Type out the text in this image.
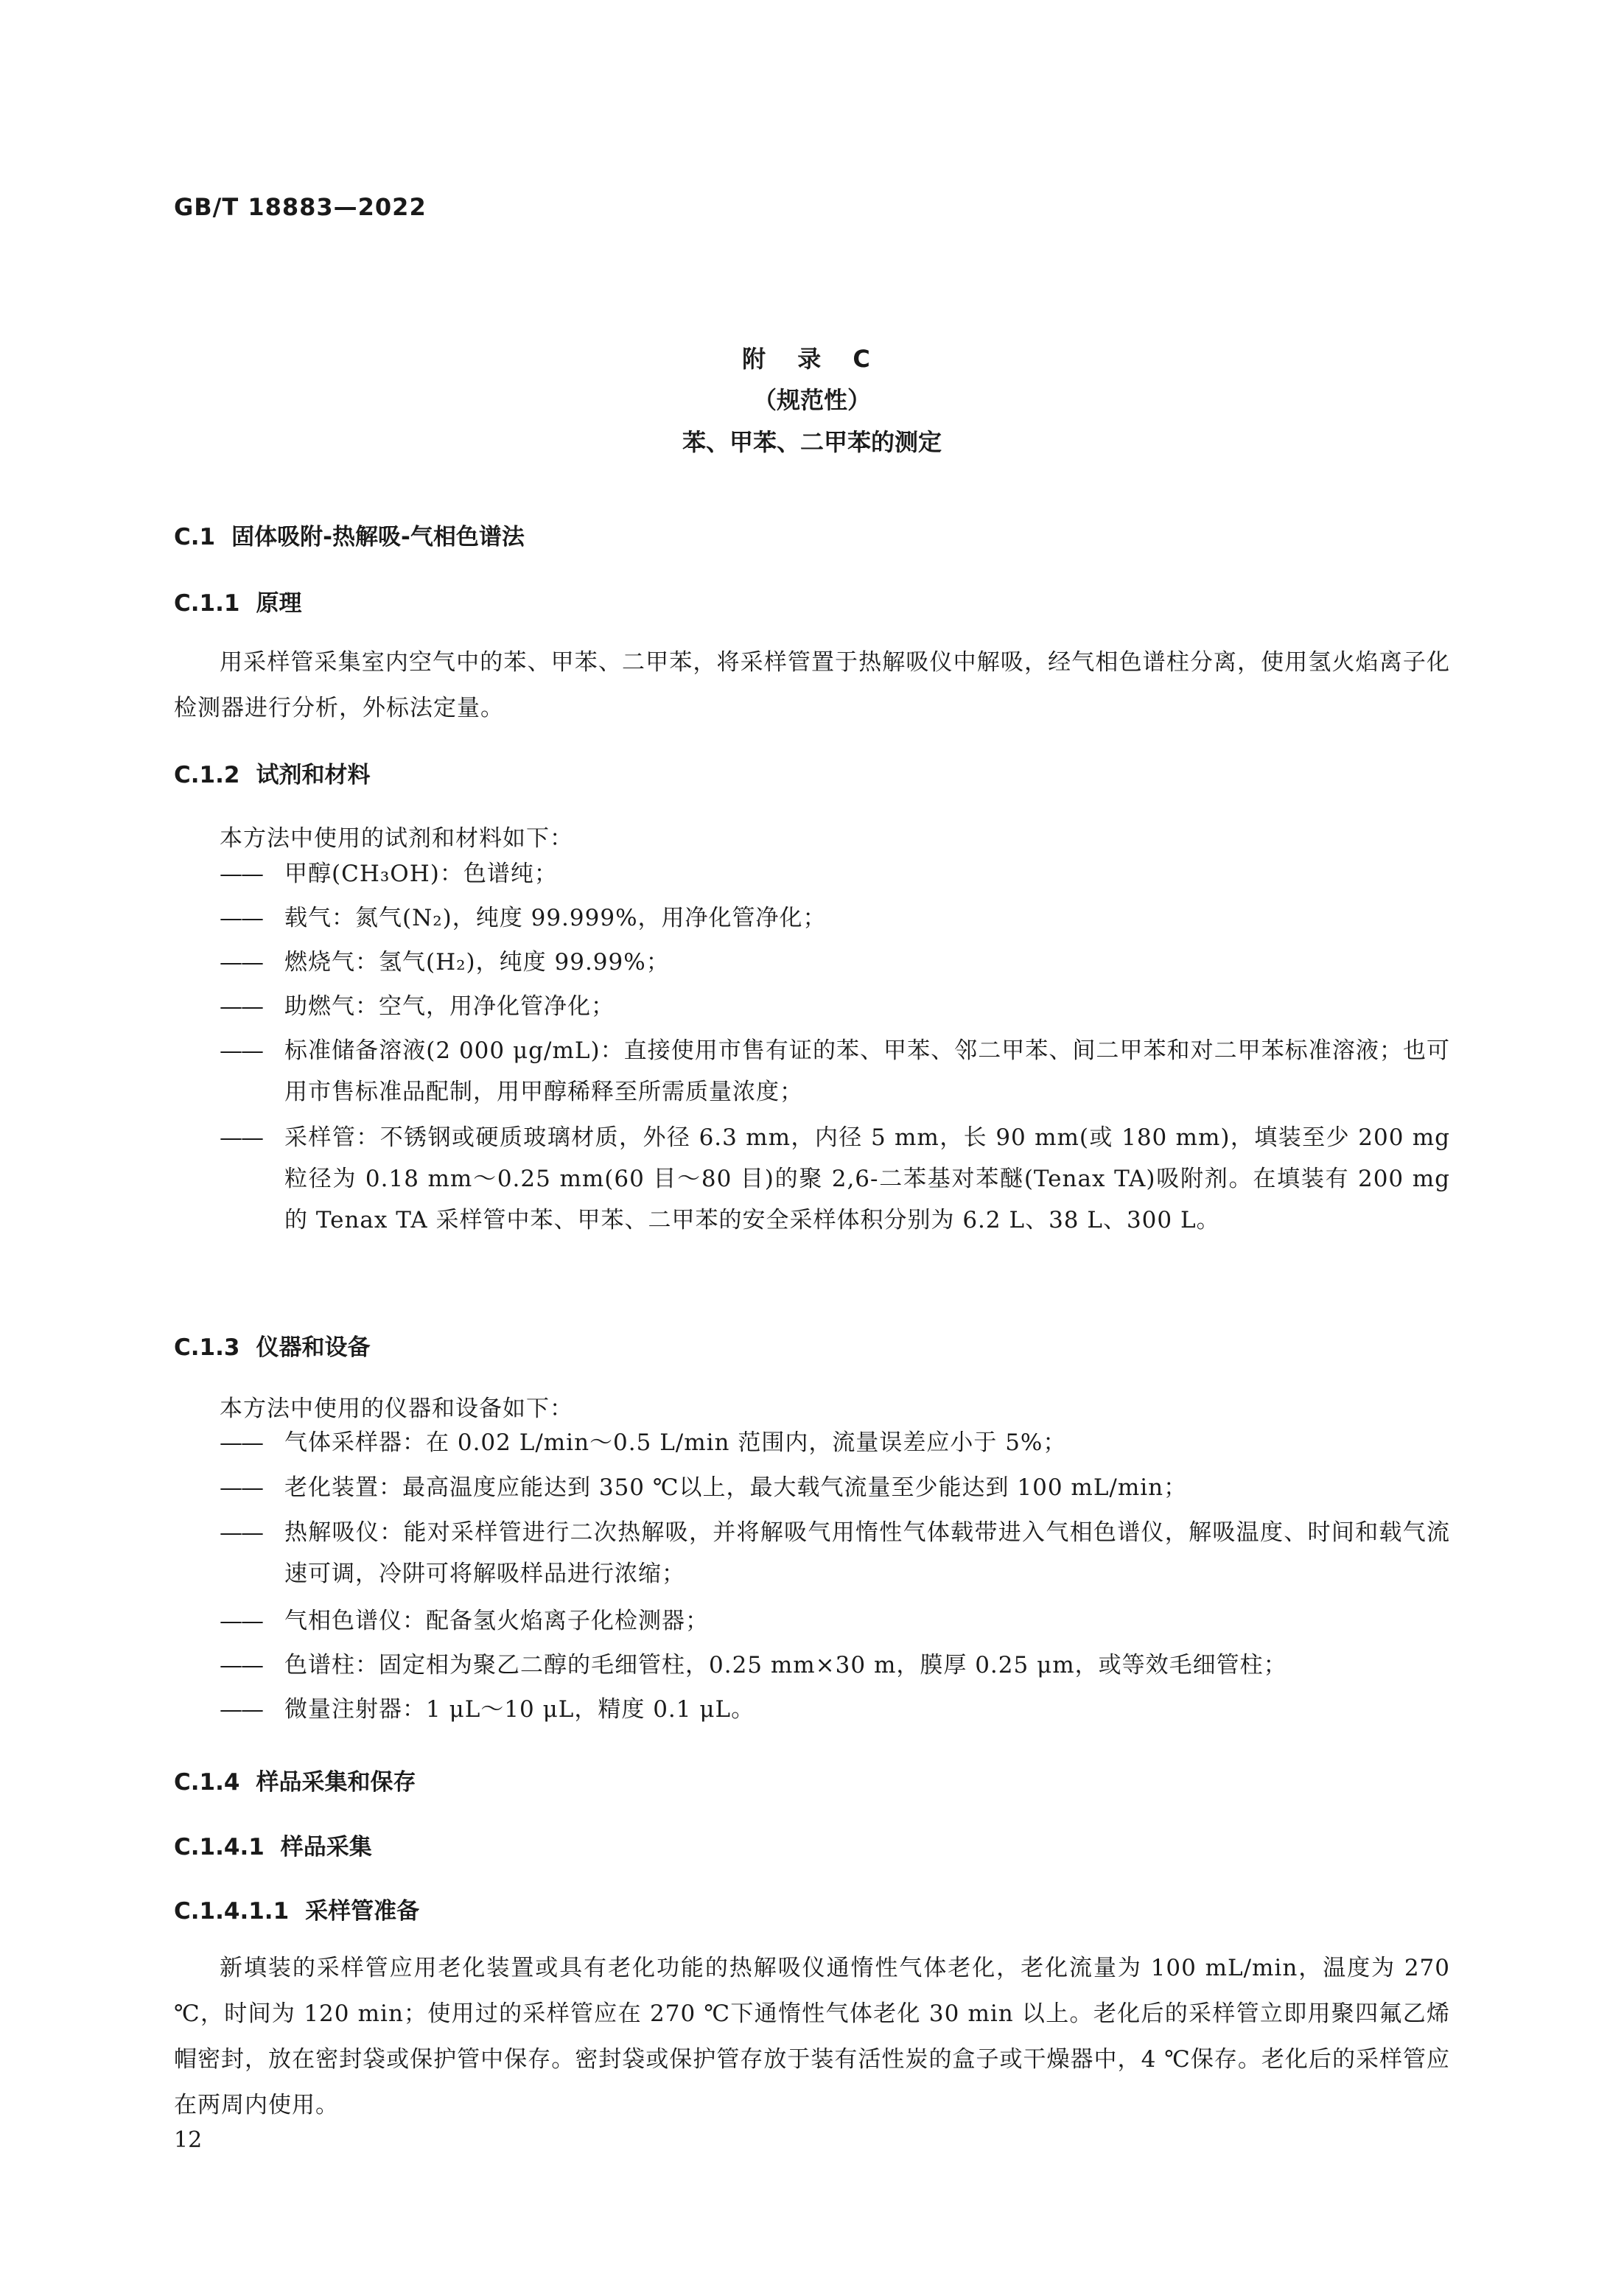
GB/T 18883—2022
附 录 C
（规范性）
苯、甲苯、二甲苯的测定
C.1 固体吸附-热解吸-气相色谱法
C.1.1 原理
用采样管采集室内空气中的苯、甲苯、二甲苯，将采样管置于热解吸仪中解吸，经气相色谱柱分离，使用氢火焰离子化检测器进行分析，外标法定量。
C.1.2 试剂和材料
本方法中使用的试剂和材料如下：
—— 甲醇(CH₃OH)：色谱纯；
—— 载气：氮气(N₂)，纯度 99.999%，用净化管净化；
—— 燃烧气：氢气(H₂)，纯度 99.99%；
—— 助燃气：空气，用净化管净化；
—— 标准储备溶液(2 000 μg/mL)：直接使用市售有证的苯、甲苯、邻二甲苯、间二甲苯和对二甲苯标准溶液；也可用市售标准品配制，用甲醇稀释至所需质量浓度；
—— 采样管：不锈钢或硬质玻璃材质，外径 6.3 mm，内径 5 mm，长 90 mm(或 180 mm)，填装至少 200 mg 粒径为 0.18 mm～0.25 mm(60 目～80 目)的聚 2,6-二苯基对苯醚(Tenax TA)吸附剂。在填装有 200 mg 的 Tenax TA 采样管中苯、甲苯、二甲苯的安全采样体积分别为 6.2 L、38 L、300 L。
C.1.3 仪器和设备
本方法中使用的仪器和设备如下：
—— 气体采样器：在 0.02 L/min～0.5 L/min 范围内，流量误差应小于 5%；
—— 老化装置：最高温度应能达到 350 ℃以上，最大载气流量至少能达到 100 mL/min；
—— 热解吸仪：能对采样管进行二次热解吸，并将解吸气用惰性气体载带进入气相色谱仪，解吸温度、时间和载气流速可调，冷阱可将解吸样品进行浓缩；
—— 气相色谱仪：配备氢火焰离子化检测器；
—— 色谱柱：固定相为聚乙二醇的毛细管柱，0.25 mm×30 m，膜厚 0.25 μm，或等效毛细管柱；
—— 微量注射器：1 μL～10 μL，精度 0.1 μL。
C.1.4 样品采集和保存
C.1.4.1 样品采集
C.1.4.1.1 采样管准备
新填装的采样管应用老化装置或具有老化功能的热解吸仪通惰性气体老化，老化流量为 100 mL/min，温度为 270 ℃，时间为 120 min；使用过的采样管应在 270 ℃下通惰性气体老化 30 min 以上。老化后的采样管立即用聚四氟乙烯帽密封，放在密封袋或保护管中保存。密封袋或保护管存放于装有活性炭的盒子或干燥器中，4 ℃保存。老化后的采样管应在两周内使用。
12
